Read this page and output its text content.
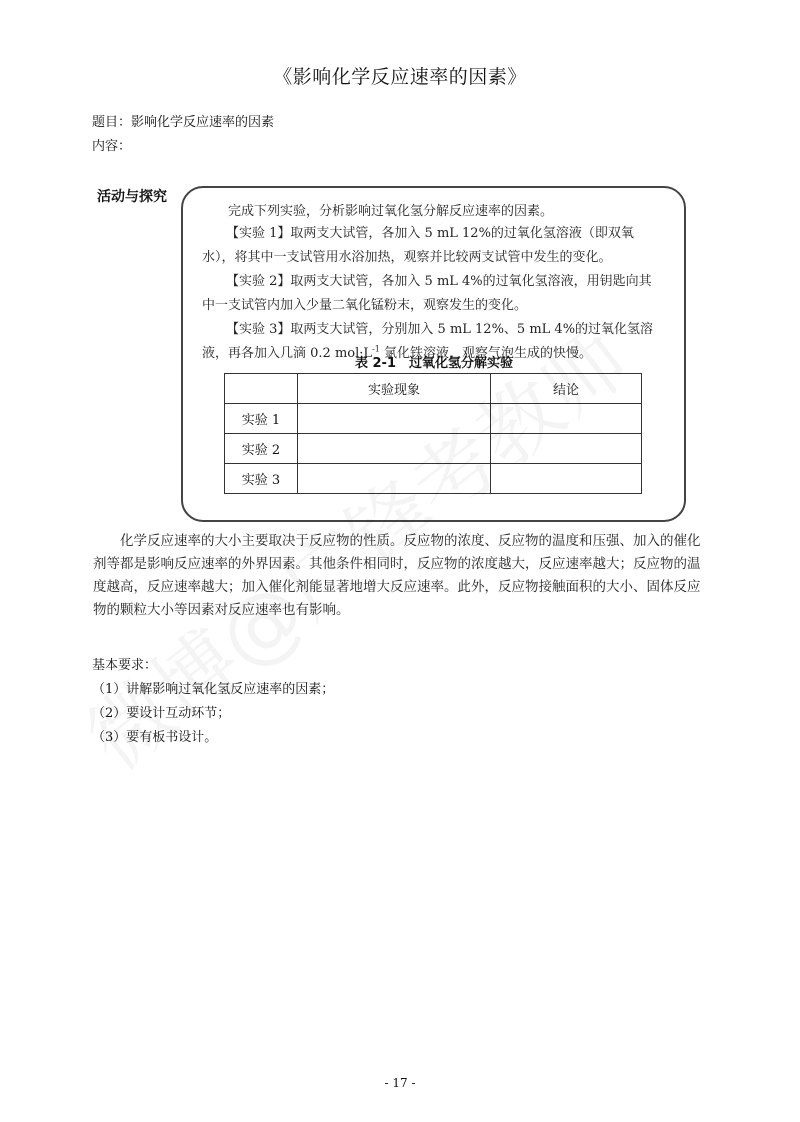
《影响化学反应速率的因素》
题目：影响化学反应速率的因素
内容：
活动与探究
完成下列实验，分析影响过氧化氢分解反应速率的因素。
【实验 1】取两支大试管，各加入 5 mL 12%的过氧化氢溶液（即双氧水），将其中一支试管用水浴加热，观察并比较两支试管中发生的变化。
【实验 2】取两支大试管，各加入 5 mL 4%的过氧化氢溶液，用钥匙向其中一支试管内加入少量二氧化锰粉末，观察发生的变化。
【实验 3】取两支大试管，分别加入 5 mL 12%、5 mL 4%的过氧化氢溶液，再各加入几滴 0.2 $mol\cdot L^{-1}$ 氯化铁溶液，观察气泡生成的快慢。
表 2-1　过氧化氢分解实验
	实验现象	结论
实验 1		
实验 2		
实验 3		
化学反应速率的大小主要取决于反应物的性质。反应物的浓度、反应物的温度和压强、加入的催化剂等都是影响反应速率的外界因素。其他条件相同时，反应物的浓度越大，反应速率越大；反应物的温度越高，反应速率越大；加入催化剂能显著地增大反应速率。此外，反应物接触面积的大小、固体反应物的颗粒大小等因素对反应速率也有影响。
基本要求：
（1）讲解影响过氧化氢反应速率的因素；
（2）要设计互动环节；
（3）要有板书设计。
- 17 -
